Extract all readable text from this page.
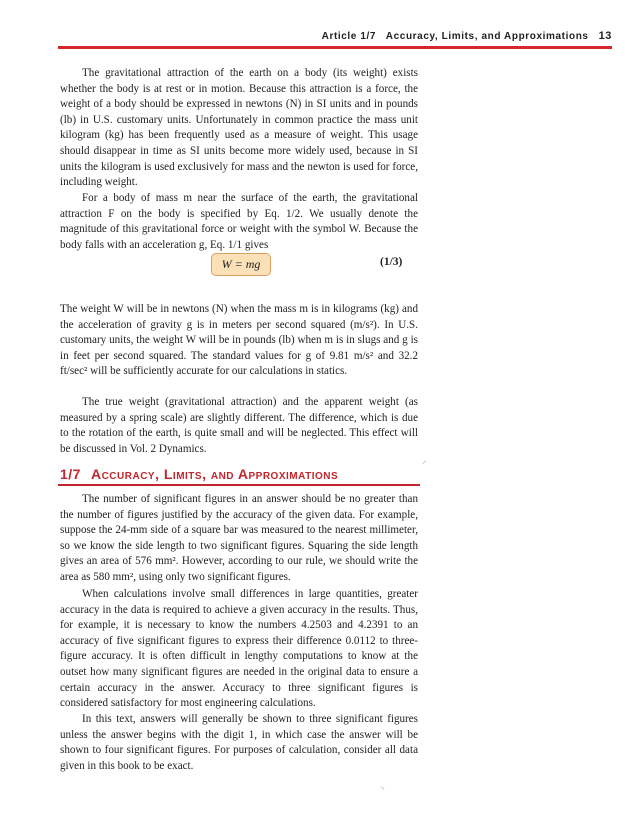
Article 1/7   Accuracy, Limits, and Approximations 13

The gravitational attraction of the earth on a body (its weight) exists whether the body is at rest or in motion. Because this attraction is a force, the weight of a body should be expressed in newtons (N) in SI units and in pounds (lb) in U.S. customary units. Unfortunately in common practice the mass unit kilogram (kg) has been frequently used as a measure of weight. This usage should disappear in time as SI units become more widely used, because in SI units the kilogram is used exclusively for mass and the newton is used for force, including weight.

For a body of mass m near the surface of the earth, the gravitational attraction F on the body is specified by Eq. 1/2. We usually denote the magnitude of this gravitational force or weight with the symbol W. Because the body falls with an acceleration g, Eq. 1/1 gives

W = mg	(1/3)

The weight W will be in newtons (N) when the mass m is in kilograms (kg) and the acceleration of gravity g is in meters per second squared (m/s²). In U.S. customary units, the weight W will be in pounds (lb) when m is in slugs and g is in feet per second squared. The standard values for g of 9.81 m/s² and 32.2 ft/sec² will be sufficiently accurate for our calculations in statics.

The true weight (gravitational attraction) and the apparent weight (as measured by a spring scale) are slightly different. The difference, which is due to the rotation of the earth, is quite small and will be neglected. This effect will be discussed in Vol. 2 Dynamics.

1/7 Accuracy, Limits, and Approximations

The number of significant figures in an answer should be no greater than the number of figures justified by the accuracy of the given data. For example, suppose the 24-mm side of a square bar was measured to the nearest millimeter, so we know the side length to two significant figures. Squaring the side length gives an area of 576 mm². However, according to our rule, we should write the area as 580 mm², using only two significant figures.

When calculations involve small differences in large quantities, greater accuracy in the data is required to achieve a given accuracy in the results. Thus, for example, it is necessary to know the numbers 4.2503 and 4.2391 to an accuracy of five significant figures to express their difference 0.0112 to three-figure accuracy. It is often difficult in lengthy computations to know at the outset how many significant figures are needed in the original data to ensure a certain accuracy in the answer. Accuracy to three significant figures is considered satisfactory for most engineering calculations.

In this text, answers will generally be shown to three significant figures unless the answer begins with the digit 1, in which case the answer will be shown to four significant figures. For purposes of calculation, consider all data given in this book to be exact.

⸝
⸜
